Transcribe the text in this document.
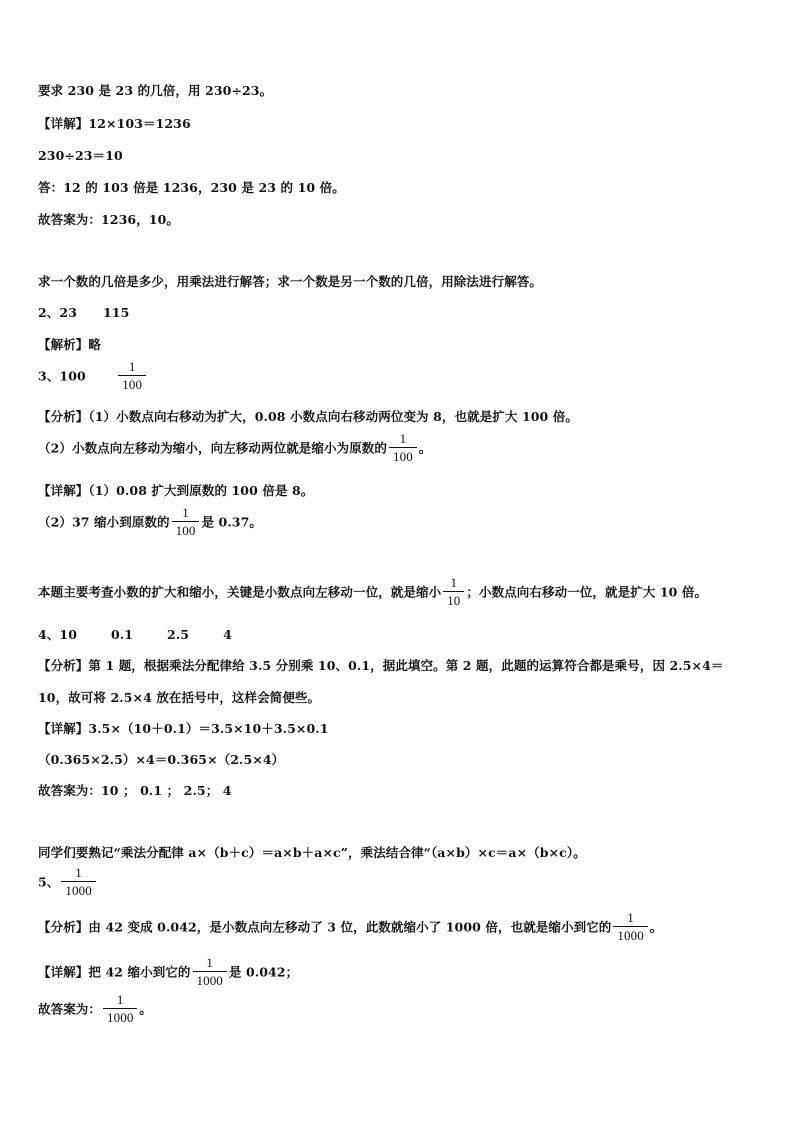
要求 230 是 23 的几倍，用 230÷23。
【详解】12×103＝1236
230÷23＝10
答：12 的 103 倍是 1236，230 是 23 的 10 倍。
故答案为：1236，10。
求一个数的几倍是多少，用乘法进行解答；求一个数是另一个数的几倍，用除法进行解答。
2、23 115
【解析】略
3、$100 \frac{1}{100}$
【分析】（1）小数点向右移动为扩大，0.08 小数点向右移动两位变为 8，也就是扩大 100 倍。
（2）小数点向左移动为缩小，向左移动两位就是缩小为原数的 $\frac{1}{100}$ 。
【详解】（1）0.08 扩大到原数的 100 倍是 8。
（2）37 缩小到原数的 $\frac{1}{100}$ 是 0.37。
本题主要考查小数的扩大和缩小，关键是小数点向左移动一位，就是缩小 $\frac{1}{10}$ ；小数点向右移动一位，就是扩大 10 倍。
4、10	0.1	2.5	4
【分析】第 1 题，根据乘法分配律给 3.5 分别乘 10、0.1，据此填空。第 2 题，此题的运算符合都是乘号，因 2.5×4＝
10，故可将 2.5×4 放在括号中，这样会简便些。
【详解】3.5×（10＋0.1）＝3.5×10＋3.5×0.1
（0.365×2.5）×4＝0.365×（2.5×4）
故答案为：10 ； 0.1 ； 2.5； 4
同学们要熟记“乘法分配律 a×（b＋c）＝a×b＋a×c”，乘法结合律“（a×b）×c＝a×（b×c）。
5、 $\frac{1}{1000}$
【分析】由 42 变成 0.042，是小数点向左移动了 3 位，此数就缩小了 1000 倍，也就是缩小到它的 $\frac{1}{1000}$ 。
【详解】把 42 缩小到它的 $\frac{1}{1000}$ 是 0.042；
故答案为： $\frac{1}{1000}$ 。
